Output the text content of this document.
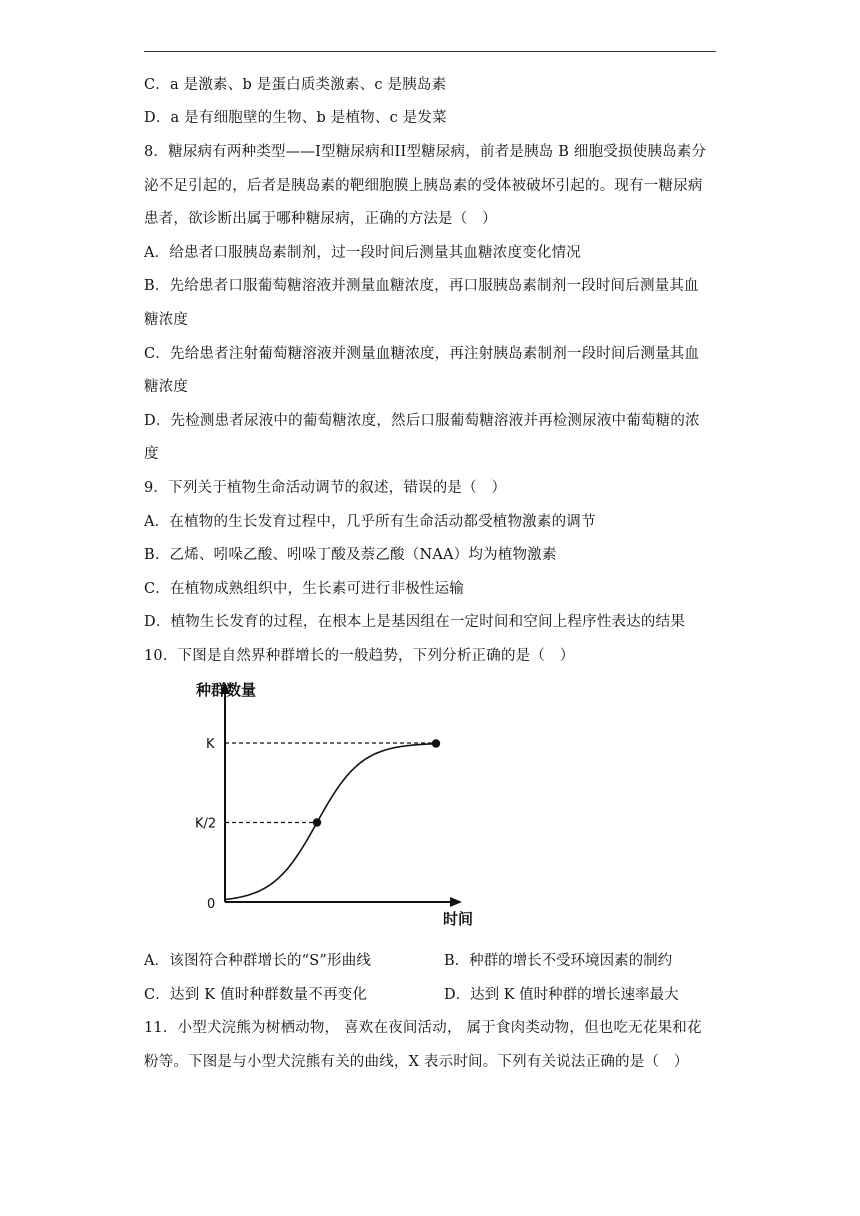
C．a 是激素、b 是蛋白质类激素、c 是胰岛素
D．a 是有细胞壁的生物、b 是植物、c 是发菜
8．糖尿病有两种类型——I型糖尿病和II型糖尿病，前者是胰岛 B 细胞受损使胰岛素分
泌不足引起的，后者是胰岛素的靶细胞膜上胰岛素的受体被破坏引起的。现有一糖尿病
患者，欲诊断出属于哪种糖尿病，正确的方法是（　）
A．给患者口服胰岛素制剂，过一段时间后测量其血糖浓度变化情况
B．先给患者口服葡萄糖溶液并测量血糖浓度，再口服胰岛素制剂一段时间后测量其血
糖浓度
C．先给患者注射葡萄糖溶液并测量血糖浓度，再注射胰岛素制剂一段时间后测量其血
糖浓度
D．先检测患者尿液中的葡萄糖浓度，然后口服葡萄糖溶液并再检测尿液中葡萄糖的浓
度
9．下列关于植物生命活动调节的叙述，错误的是（　）
A．在植物的生长发育过程中，几乎所有生命活动都受植物激素的调节
B．乙烯、吲哚乙酸、吲哚丁酸及萘乙酸（NAA）均为植物激素
C．在植物成熟组织中，生长素可进行非极性运输
D．植物生长发育的过程，在根本上是基因组在一定时间和空间上程序性表达的结果
10．下图是自然界种群增长的一般趋势，下列分析正确的是（　）
种群数量
时间
K
K/2
0
A．该图符合种群增长的“S”形曲线	B．种群的增长不受环境因素的制约
C．达到 K 值时种群数量不再变化	D．达到 K 值时种群的增长速率最大
11．小型犬浣熊为树栖动物， 喜欢在夜间活动， 属于食肉类动物，但也吃无花果和花
粉等。下图是与小型犬浣熊有关的曲线，X 表示时间。下列有关说法正确的是（　）
